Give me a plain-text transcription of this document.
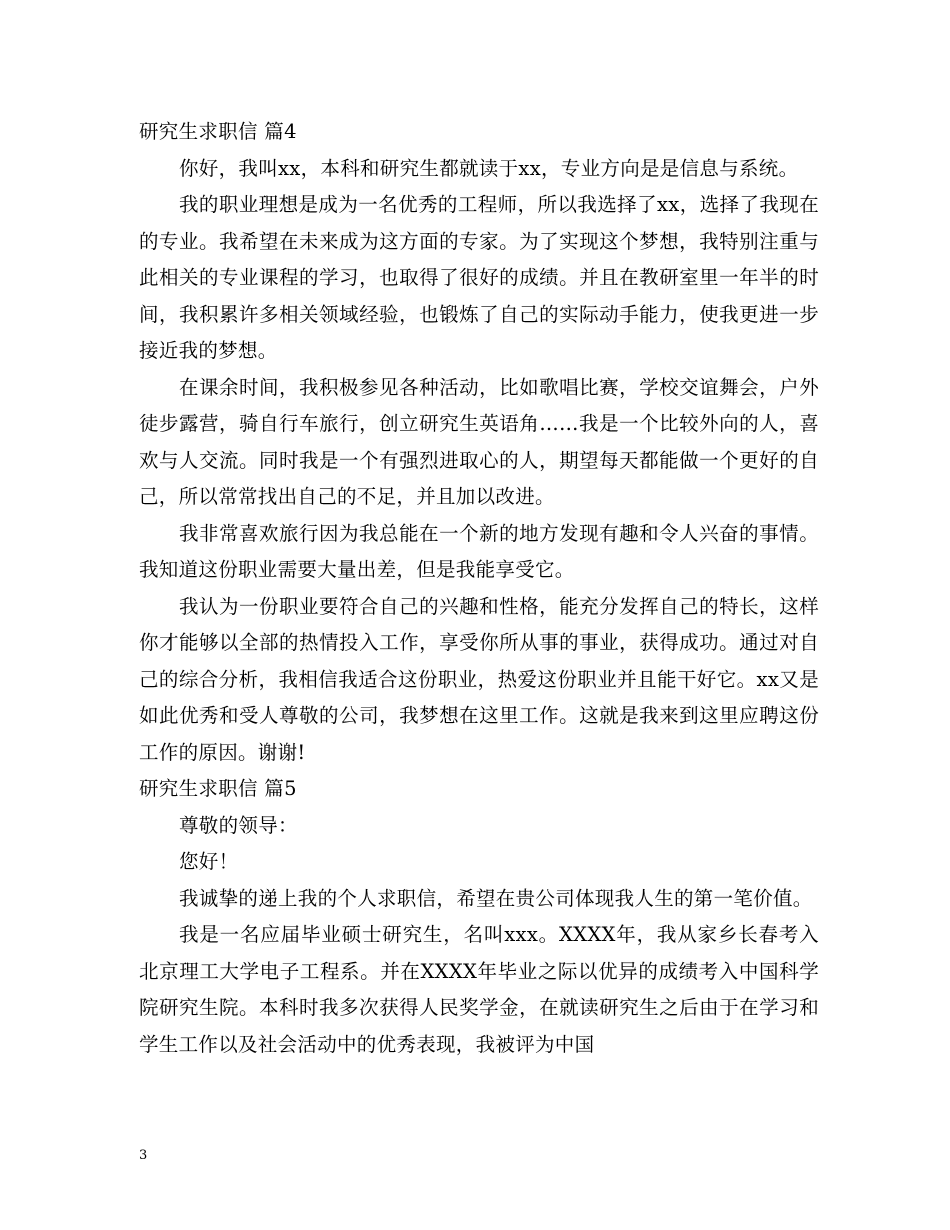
研究生求职信 篇4

你好，我叫xx，本科和研究生都就读于xx，专业方向是是信息与系统。

我的职业理想是成为一名优秀的工程师，所以我选择了xx，选择了我现在的专业。我希望在未来成为这方面的专家。为了实现这个梦想，我特别注重与此相关的专业课程的学习，也取得了很好的成绩。并且在教研室里一年半的时间，我积累许多相关领域经验，也锻炼了自己的实际动手能力，使我更进一步接近我的梦想。

在课余时间，我积极参见各种活动，比如歌唱比赛，学校交谊舞会，户外徒步露营，骑自行车旅行，创立研究生英语角……我是一个比较外向的人，喜欢与人交流。同时我是一个有强烈进取心的人，期望每天都能做一个更好的自己，所以常常找出自己的不足，并且加以改进。

我非常喜欢旅行因为我总能在一个新的地方发现有趣和令人兴奋的事情。我知道这份职业需要大量出差，但是我能享受它。

我认为一份职业要符合自己的兴趣和性格，能充分发挥自己的特长，这样你才能够以全部的热情投入工作，享受你所从事的事业，获得成功。通过对自己的综合分析，我相信我适合这份职业，热爱这份职业并且能干好它。xx又是如此优秀和受人尊敬的公司，我梦想在这里工作。这就是我来到这里应聘这份工作的原因。谢谢!

研究生求职信 篇5

尊敬的领导：

您好！

我诚挚的递上我的个人求职信，希望在贵公司体现我人生的第一笔价值。

我是一名应届毕业硕士研究生，名叫xxx。XXXX年，我从家乡长春考入北京理工大学电子工程系。并在XXXX年毕业之际以优异的成绩考入中国科学院研究生院。本科时我多次获得人民奖学金，在就读研究生之后由于在学习和学生工作以及社会活动中的优秀表现，我被评为中国

3
